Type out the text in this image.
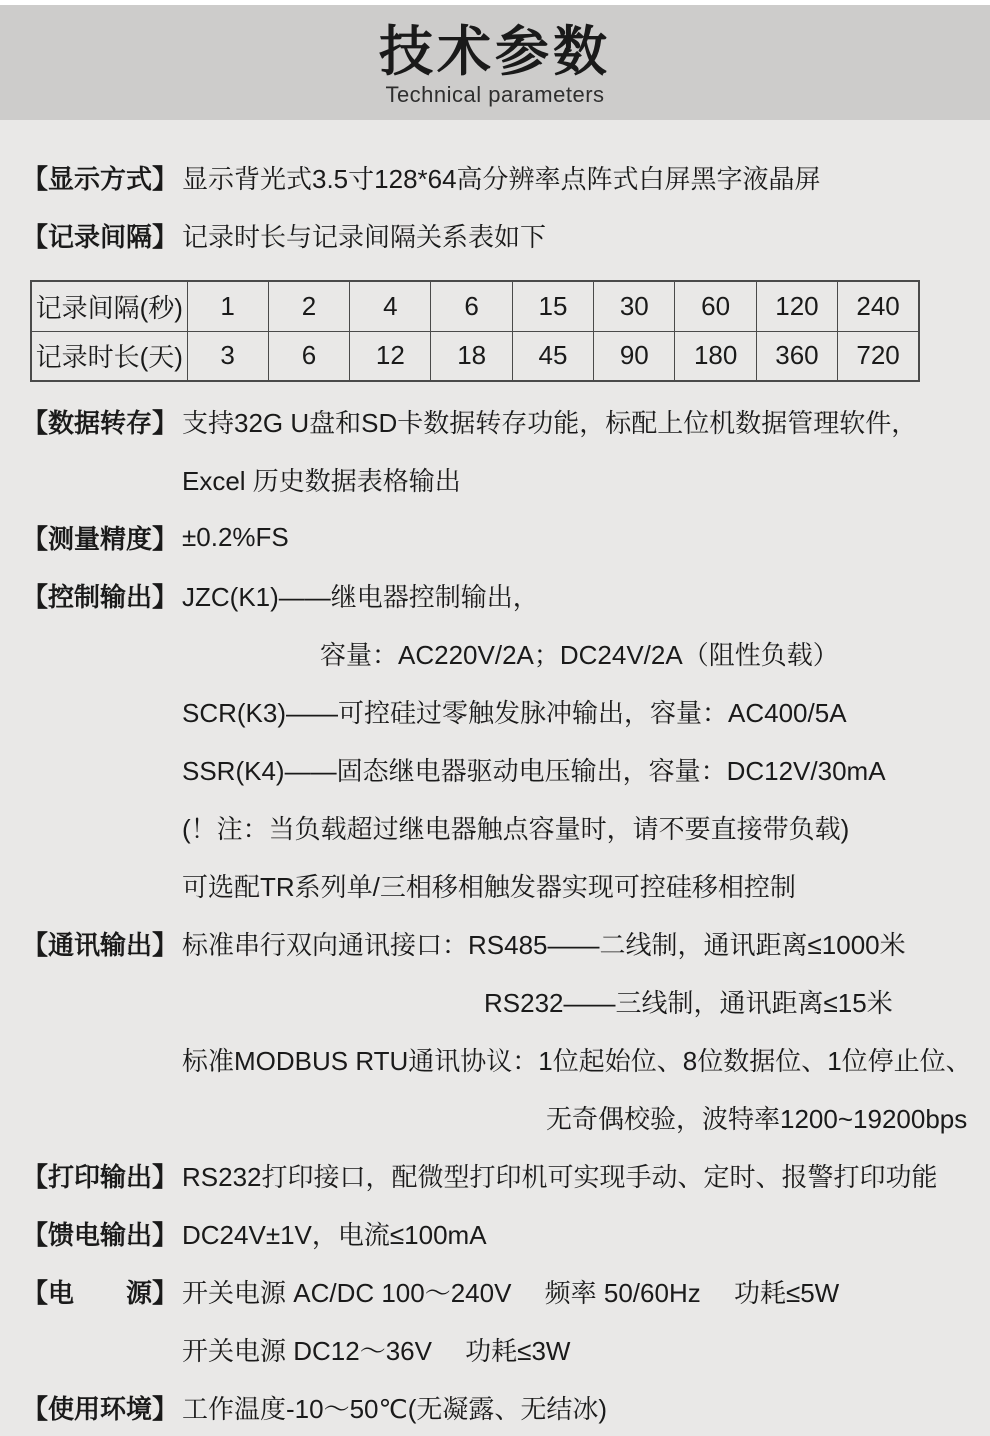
技术参数
Technical parameters
【显示方式】 显示背光式3.5寸128*64高分辨率点阵式白屏黑字液晶屏
【记录间隔】 记录时长与记录间隔关系表如下
记录间隔(秒)	1	2	4	6	15	30	60	120	240
记录时长(天)	3	6	12	18	45	90	180	360	720
【数据转存】 支持32G U盘和SD卡数据转存功能，标配上位机数据管理软件，
Excel 历史数据表格输出
【测量精度】 ±0.2%FS
【控制输出】 JZC(K1)——继电器控制输出，
容量：AC220V/2A；DC24V/2A（阻性负载）
SCR(K3)——可控硅过零触发脉冲输出，容量：AC400/5A
SSR(K4)——固态继电器驱动电压输出，容量：DC12V/30mA
(！注：当负载超过继电器触点容量时，请不要直接带负载)
可选配TR系列单/三相移相触发器实现可控硅移相控制
【通讯输出】 标准串行双向通讯接口：RS485——二线制，通讯距离≤1000米
RS232——三线制，通讯距离≤15米
标准MODBUS RTU通讯协议：1位起始位、8位数据位、1位停止位、
无奇偶校验，波特率1200~19200bps
【打印输出】 RS232打印接口，配微型打印机可实现手动、定时、报警打印功能
【馈电输出】 DC24V±1V，电流≤100mA
【电　　源】 开关电源 AC/DC 100～240V　 频率 50/60Hz　 功耗≤5W
开关电源 DC12～36V　 功耗≤3W
【使用环境】 工作温度-10～50℃(无凝露、无结冰)
